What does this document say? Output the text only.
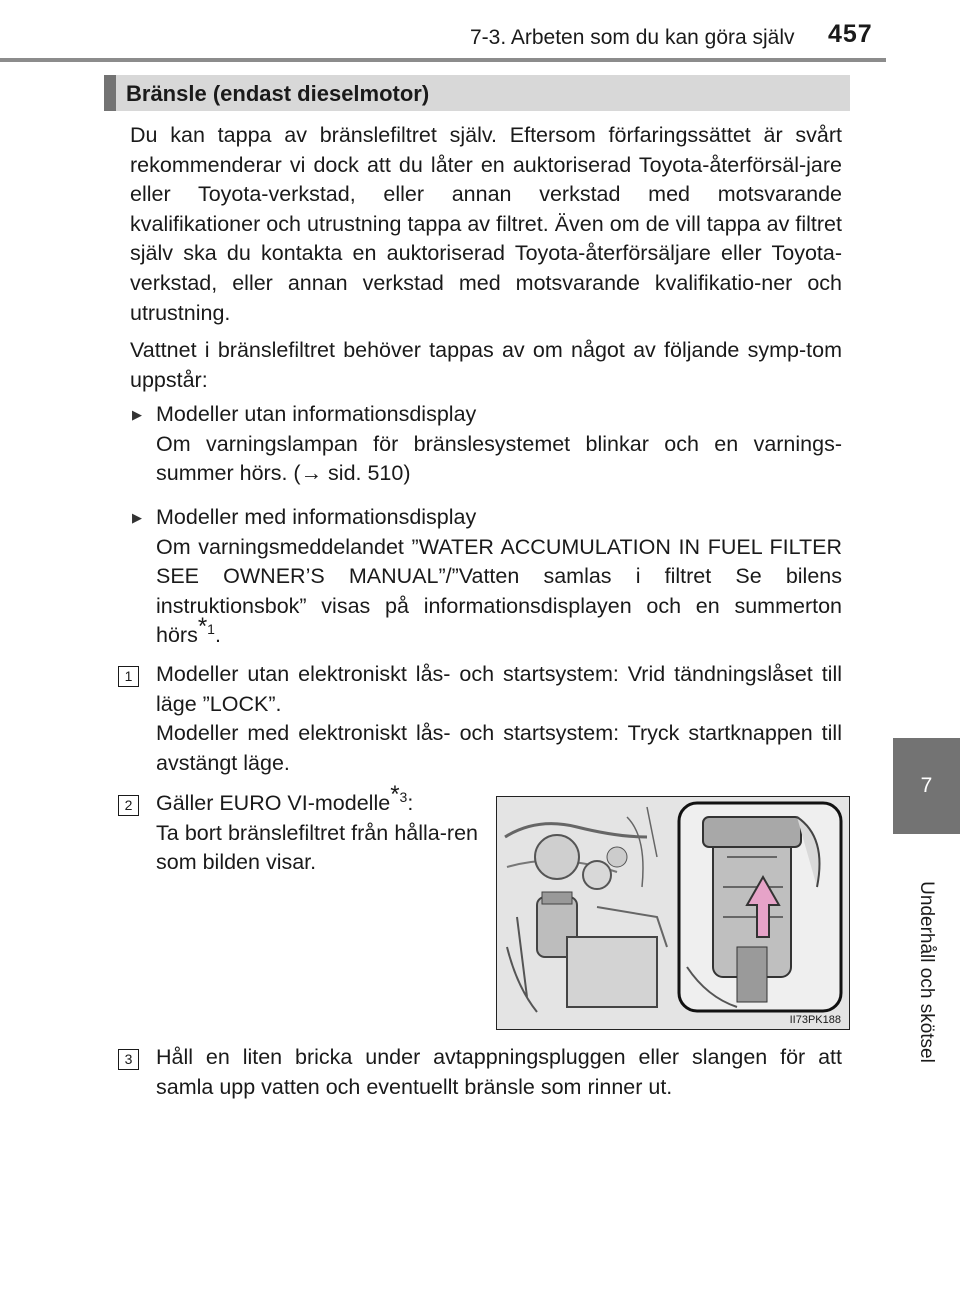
7-3. Arbeten som du kan göra själv 457
7
Underhåll och skötsel
Bränsle (endast dieselmotor)
Du kan tappa av bränslefiltret själv. Eftersom förfaringssättet är svårt rekommenderar vi dock att du låter en auktoriserad Toyota-återförsäl-jare eller Toyota-verkstad, eller annan verkstad med motsvarande kvalifikationer och utrustning tappa av filtret. Även om de vill tappa av filtret själv ska du kontakta en auktoriserad Toyota-återförsäljare eller Toyota-verkstad, eller annan verkstad med motsvarande kvalifikatio-ner och utrustning.
Vattnet i bränslefiltret behöver tappas av om något av följande symp-tom uppstår:
▶ Modeller utan informationsdisplay
Om varningslampan för bränslesystemet blinkar och en varnings-summer hörs. (→ sid. 510)
▶ Modeller med informationsdisplay
Om varningsmeddelandet ”WATER ACCUMULATION IN FUEL FILTER SEE OWNER’S MANUAL”/”Vatten samlas i filtret Se bilens instruktionsbok” visas på informationsdisplayen och en summerton hörs$^{*1}$.
1	Modeller utan elektroniskt lås- och startsystem: Vrid tändningslåset till läge ”LOCK”.
Modeller med elektroniskt lås- och startsystem: Tryck startknappen till avstängt läge.
2	Gäller EURO VI-modelle$^{*3}$:
Ta bort bränslefiltret från hålla-ren som bilden visar.
II73PK188
3	Håll en liten bricka under avtappningspluggen eller slangen för att samla upp vatten och eventuellt bränsle som rinner ut.
